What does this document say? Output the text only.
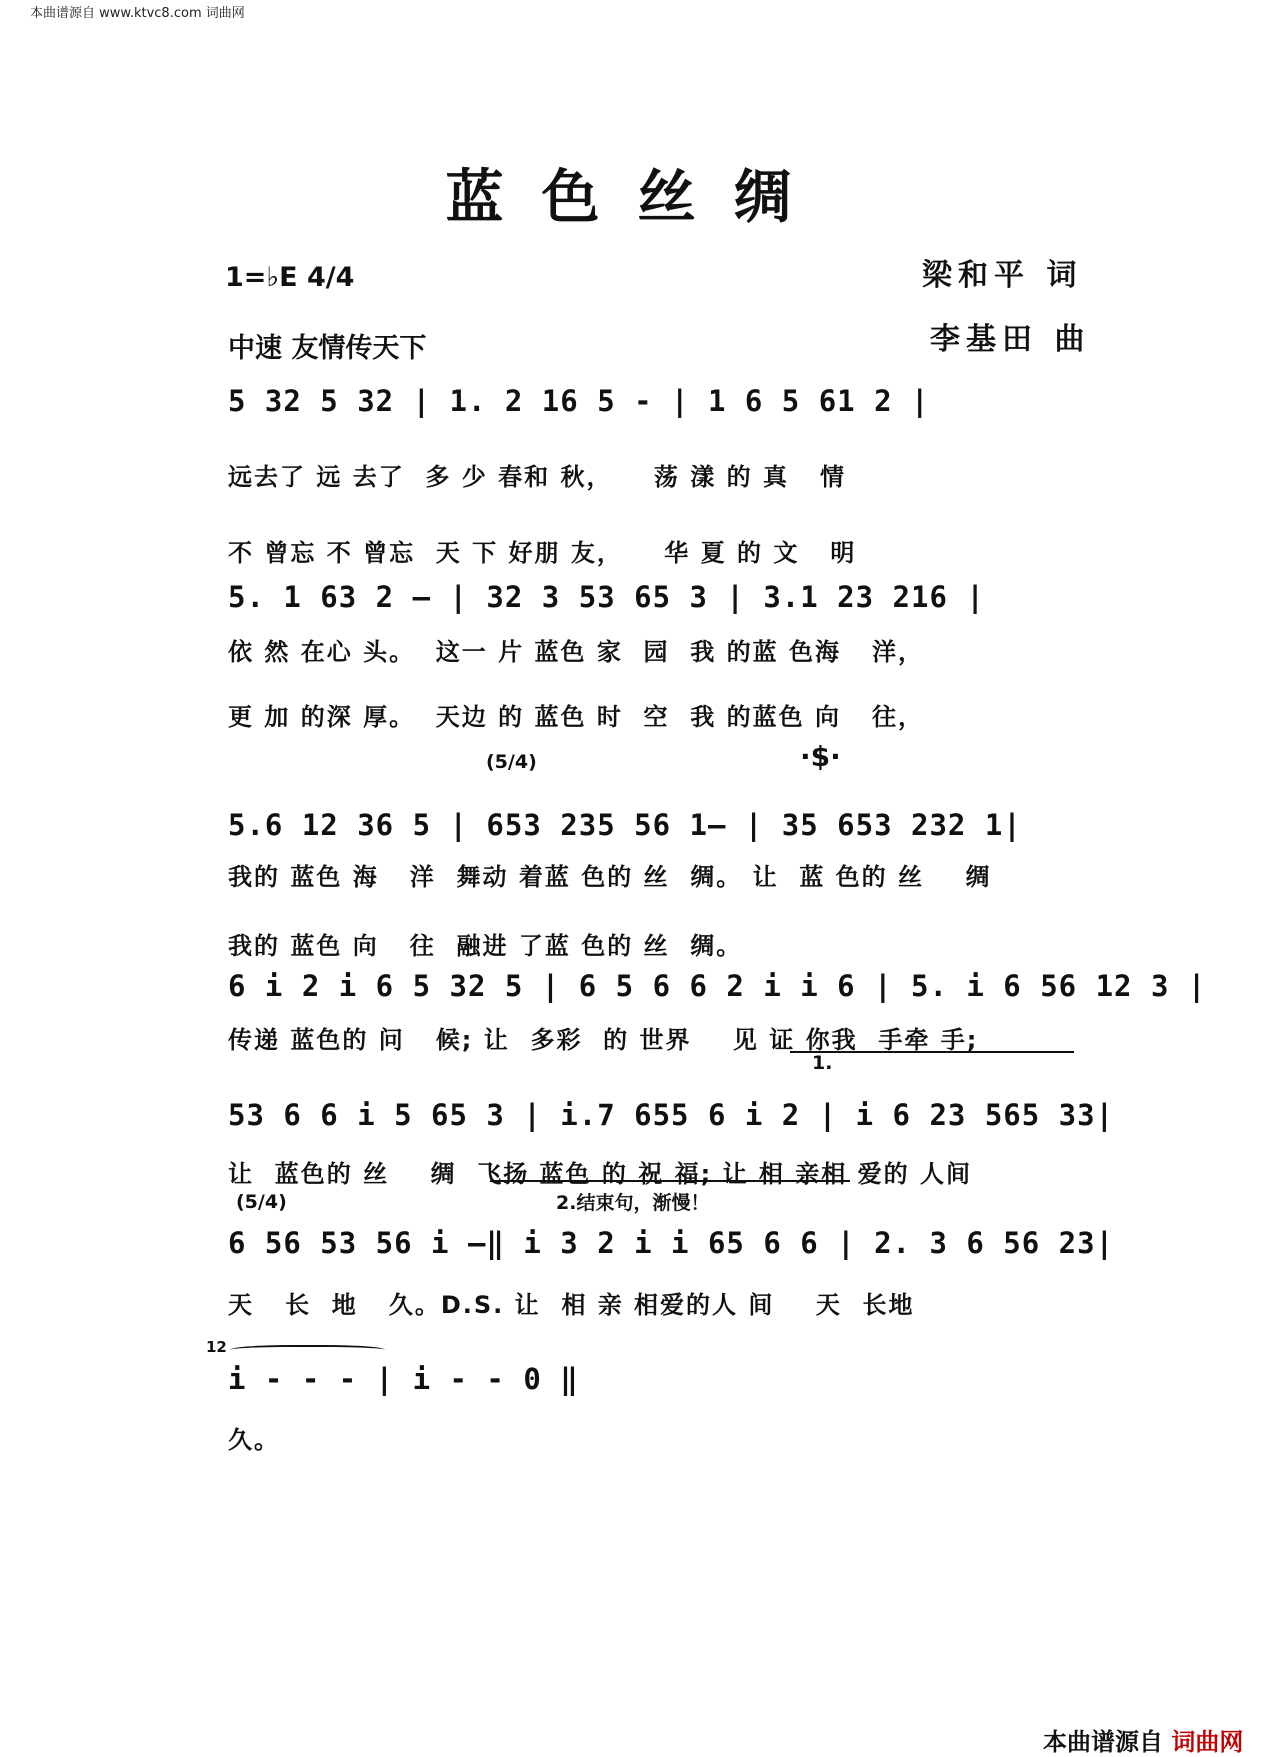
本曲谱源自 www.ktvc8.com 词曲网
蓝色丝绸
梁和平 词
李基田 曲
1=♭E 4/4
中速 友情传天下
5 32 5 32 | 1. 2 16 5 - | 1 6 5 61 2 |
远去了 远 去了  多 少 春和 秋，    荡 漾 的 真   情
不 曾忘 不 曾忘  天 下 好朋 友，    华 夏 的 文   明
5. 1 63 2 — | 32 3 53 65 3 | 3.1 23 216 |
依 然 在心 头。  这一 片 蓝色 家  园  我 的蓝 色海   洋，
更 加 的深 厚。  天边 的 蓝色 时  空  我 的蓝色 向   往，
(5/4)	·$·
5.6 12 36 5 | 653 235 56 1— | 35 653 232 1|
我的 蓝色 海   洋  舞动 着蓝 色的 丝  绸。 让  蓝 色的 丝    绸
我的 蓝色 向   往  融进 了蓝 色的 丝  绸。
6 i 2 i 6 5 32 5 | 6 5 6 6 2 i i 6 | 5. i 6 56 12 3 |
传递 蓝色的 问   候; 让  多彩  的 世界    见 证 你我  手牵 手;
1.
53 6 6 i 5 65 3 | i.7 655 6 i 2 | i 6 23 565 33|
让  蓝色的 丝    绸  飞扬 蓝色 的 祝 福; 让 相 亲相 爱的 人间
(5/4)	2.结束句，渐慢！
6 56 53 56 i —‖ i 3 2 i i 65 6 6 | 2. 3 6 56 23|
天   长  地   久。D.S. 让  相 亲 相爱的人 间    天  长地
12
i - - - | i - - 0 ‖
久。
本曲谱源自 词曲网
